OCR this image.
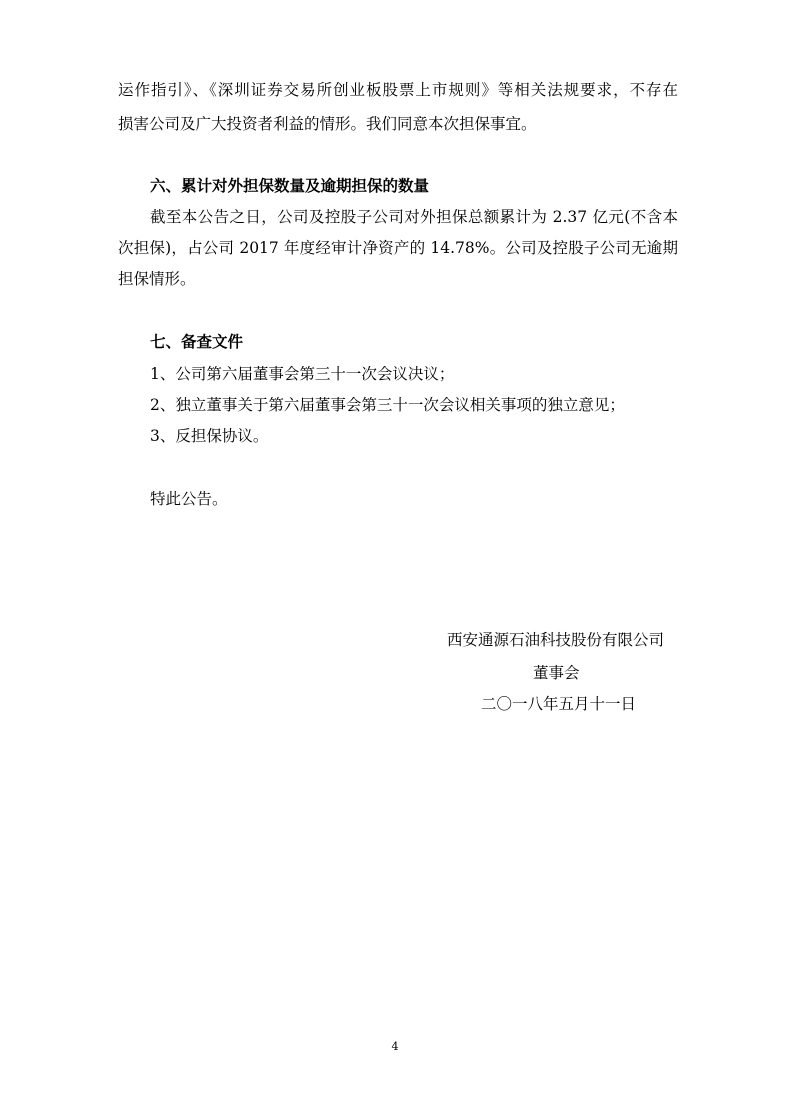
运作指引》、《深圳证券交易所创业板股票上市规则》等相关法规要求，不存在
损害公司及广大投资者利益的情形。我们同意本次担保事宜。
六、累计对外担保数量及逾期担保的数量
截至本公告之日，公司及控股子公司对外担保总额累计为 2.37 亿元(不含本
次担保)，占公司 2017 年度经审计净资产的 14.78%。公司及控股子公司无逾期
担保情形。
七、备查文件
1、公司第六届董事会第三十一次会议决议；
2、独立董事关于第六届董事会第三十一次会议相关事项的独立意见；
3、反担保协议。
特此公告。
西安通源石油科技股份有限公司
董事会
二〇一八年五月十一日
4
